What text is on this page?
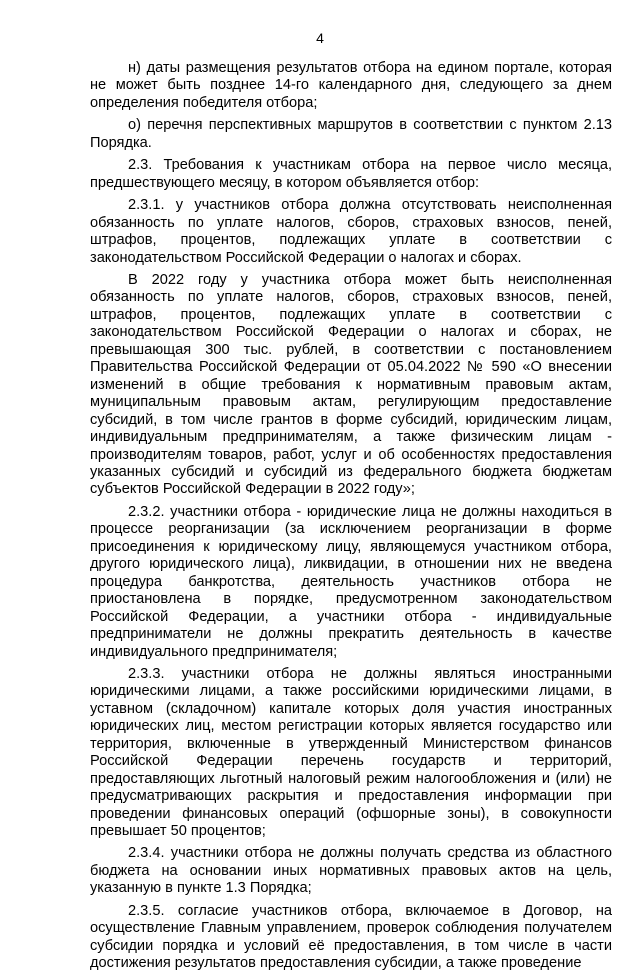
4

н) даты размещения результатов отбора на едином портале, которая не может быть позднее 14-го календарного дня, следующего за днем определения победителя отбора;

о) перечня перспективных маршрутов в соответствии с пунктом 2.13 Порядка.

2.3. Требования к участникам отбора на первое число месяца, предшествующего месяцу, в котором объявляется отбор:

2.3.1. у участников отбора должна отсутствовать неисполненная обязанность по уплате налогов, сборов, страховых взносов, пеней, штрафов, процентов, подлежащих уплате в соответствии с законодательством Российской Федерации о налогах и сборах.

В 2022 году у участника отбора может быть неисполненная обязанность по уплате налогов, сборов, страховых взносов, пеней, штрафов, процентов, подлежащих уплате в соответствии с законодательством Российской Федерации о налогах и сборах, не превышающая 300 тыс. рублей, в соответствии с постановлением Правительства Российской Федерации от 05.04.2022 № 590 «О внесении изменений в общие требования к нормативным правовым актам, муниципальным правовым актам, регулирующим предоставление субсидий, в том числе грантов в форме субсидий, юридическим лицам, индивидуальным предпринимателям, а также физическим лицам - производителям товаров, работ, услуг и об особенностях предоставления указанных субсидий и субсидий из федерального бюджета бюджетам субъектов Российской Федерации в 2022 году»;

2.3.2. участники отбора - юридические лица не должны находиться в процессе реорганизации (за исключением реорганизации в форме присоединения к юридическому лицу, являющемуся участником отбора, другого юридического лица), ликвидации, в отношении них не введена процедура банкротства, деятельность участников отбора не приостановлена в порядке, предусмотренном законодательством Российской Федерации, а участники отбора - индивидуальные предприниматели не должны прекратить деятельность в качестве индивидуального предпринимателя;

2.3.3. участники отбора не должны являться иностранными юридическими лицами, а также российскими юридическими лицами, в уставном (складочном) капитале которых доля участия иностранных юридических лиц, местом регистрации которых является государство или территория, включенные в утвержденный Министерством финансов Российской Федерации перечень государств и территорий, предоставляющих льготный налоговый режим налогообложения и (или) не предусматривающих раскрытия и предоставления информации при проведении финансовых операций (офшорные зоны), в совокупности превышает 50 процентов;

2.3.4. участники отбора не должны получать средства из областного бюджета на основании иных нормативных правовых актов на цель, указанную в пункте 1.3 Порядка;

2.3.5. согласие участников отбора, включаемое в Договор, на осуществление Главным управлением, проверок соблюдения получателем субсидии порядка и условий её предоставления, в том числе в части достижения результатов предоставления субсидии, а также проведение
